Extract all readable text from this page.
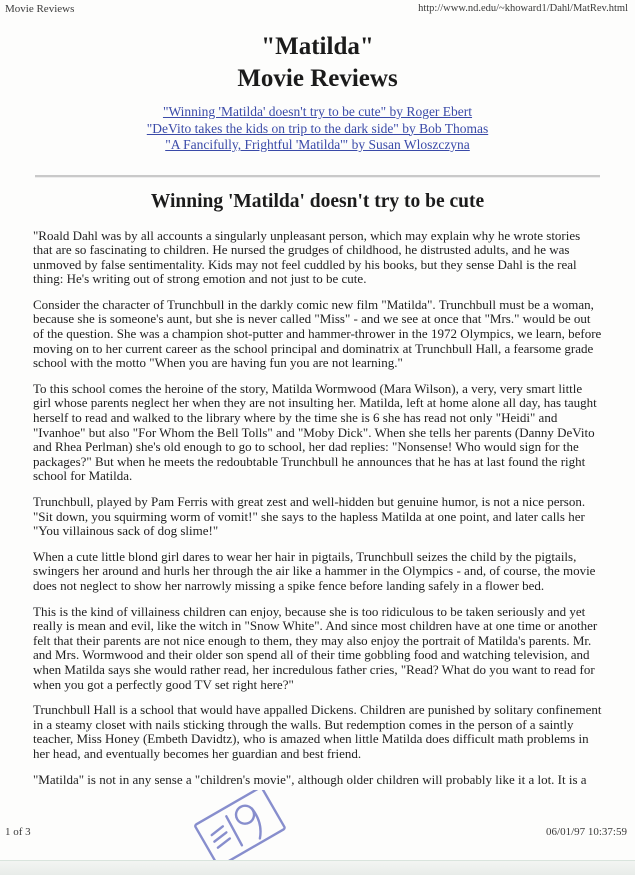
Movie Reviews	http://www.nd.edu/~khoward1/Dahl/MatRev.html
"Matilda"
Movie Reviews
"Winning 'Matilda' doesn't try to be cute" by Roger Ebert
"DeVito takes the kids on trip to the dark side" by Bob Thomas
"A Fancifully, Frightful 'Matilda'" by Susan Wloszczyna
Winning 'Matilda' doesn't try to be cute

"Roald Dahl was by all accounts a singularly unpleasant person, which may explain why he wrote stories that are so fascinating to children. He nursed the grudges of childhood, he distrusted adults, and he was unmoved by false sentimentality. Kids may not feel cuddled by his books, but they sense Dahl is the real thing: He's writing out of strong emotion and not just to be cute.

Consider the character of Trunchbull in the darkly comic new film "Matilda". Trunchbull must be a woman, because she is someone's aunt, but she is never called "Miss" - and we see at once that "Mrs." would be out of the question. She was a champion shot-putter and hammer-thrower in the 1972 Olympics, we learn, before moving on to her current career as the school principal and dominatrix at Trunchbull Hall, a fearsome grade school with the motto "When you are having fun you are not learning."

To this school comes the heroine of the story, Matilda Wormwood (Mara Wilson), a very, very smart little girl whose parents neglect her when they are not insulting her. Matilda, left at home alone all day, has taught herself to read and walked to the library where by the time she is 6 she has read not only "Heidi" and "Ivanhoe" but also "For Whom the Bell Tolls" and "Moby Dick". When she tells her parents (Danny DeVito and Rhea Perlman) she's old enough to go to school, her dad replies: "Nonsense! Who would sign for the packages?" But when he meets the redoubtable Trunchbull he announces that he has at last found the right school for Matilda.

Trunchbull, played by Pam Ferris with great zest and well-hidden but genuine humor, is not a nice person. "Sit down, you squirming worm of vomit!" she says to the hapless Matilda at one point, and later calls her "You villainous sack of dog slime!"

When a cute little blond girl dares to wear her hair in pigtails, Trunchbull seizes the child by the pigtails, swingers her around and hurls her through the air like a hammer in the Olympics - and, of course, the movie does not neglect to show her narrowly missing a spike fence before landing safely in a flower bed.

This is the kind of villainess children can enjoy, because she is too ridiculous to be taken seriously and yet really is mean and evil, like the witch in "Snow White". And since most children have at one time or another felt that their parents are not nice enough to them, they may also enjoy the portrait of Matilda's parents. Mr. and Mrs. Wormwood and their older son spend all of their time gobbling food and watching television, and when Matilda says she would rather read, her incredulous father cries, "Read? What do you want to read for when you got a perfectly good TV set right here?"

Trunchbull Hall is a school that would have appalled Dickens. Children are punished by solitary confinement in a steamy closet with nails sticking through the walls. But redemption comes in the person of a saintly teacher, Miss Honey (Embeth Davidtz), who is amazed when little Matilda does difficult math problems in her head, and eventually becomes her guardian and best friend.

"Matilda" is not in any sense a "children's movie", although older children will probably like it a lot. It is a

1 of 3	06/01/97 10:37:59
